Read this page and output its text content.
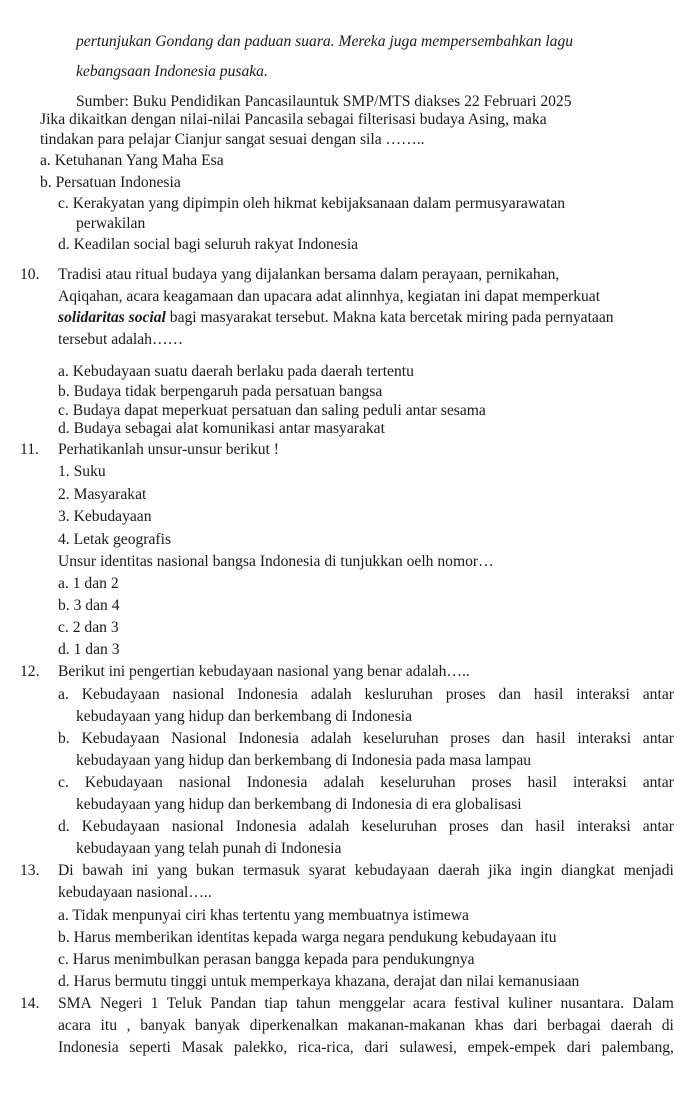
pertunjukan Gondang dan paduan suara. Mereka juga mempersembahkan lagu
kebangsaan Indonesia pusaka.
Sumber: Buku Pendidikan Pancasilauntuk SMP/MTS diakses 22 Februari 2025
Jika dikaitkan dengan nilai-nilai Pancasila sebagai filterisasi budaya Asing, maka
tindakan para pelajar Cianjur sangat sesuai dengan sila ……..
a. Ketuhanan Yang Maha Esa
b. Persatuan Indonesia
c. Kerakyatan yang dipimpin oleh hikmat kebijaksanaan dalam permusyarawatan
perwakilan
d. Keadilan social bagi seluruh rakyat Indonesia
10. Tradisi atau ritual budaya yang dijalankan bersama dalam perayaan, pernikahan,
Aqiqahan, acara keagamaan dan upacara adat alinnhya, kegiatan ini dapat memperkuat
solidaritas social bagi masyarakat tersebut. Makna kata bercetak miring pada pernyataan
tersebut adalah……
a. Kebudayaan suatu daerah berlaku pada daerah tertentu
b. Budaya tidak berpengaruh pada persatuan bangsa
c. Budaya dapat meperkuat persatuan dan saling peduli antar sesama
d. Budaya sebagai alat komunikasi antar masyarakat
11. Perhatikanlah unsur-unsur berikut !
1. Suku
2. Masyarakat
3. Kebudayaan
4. Letak geografis
Unsur identitas nasional bangsa Indonesia di tunjukkan oelh nomor…
a. 1 dan 2
b. 3 dan 4
c. 2 dan 3
d. 1 dan 3
12. Berikut ini pengertian kebudayaan nasional yang benar adalah…..
a. Kebudayaan nasional Indonesia adalah kesluruhan proses dan hasil interaksi antar
kebudayaan yang hidup dan berkembang di Indonesia
b. Kebudayaan Nasional Indonesia adalah keseluruhan proses dan hasil interaksi antar
kebudayaan yang hidup dan berkembang di Indonesia pada masa lampau
c. Kebudayaan nasional Indonesia adalah keseluruhan proses hasil interaksi antar
kebudayaan yang hidup dan berkembang di Indonesia di era globalisasi
d. Kebudayaan nasional Indonesia adalah keseluruhan proses dan hasil interaksi antar
kebudayaan yang telah punah di Indonesia
13. Di bawah ini yang bukan termasuk syarat kebudayaan daerah jika ingin diangkat menjadi
kebudayaan nasional…..
a. Tidak menpunyai ciri khas tertentu yang membuatnya istimewa
b. Harus memberikan identitas kepada warga negara pendukung kebudayaan itu
c. Harus menimbulkan perasan bangga kepada para pendukungnya
d. Harus bermutu tinggi untuk memperkaya khazana, derajat dan nilai kemanusiaan
14. SMA Negeri 1 Teluk Pandan tiap tahun menggelar acara festival kuliner nusantara. Dalam
acara itu , banyak banyak diperkenalkan makanan-makanan khas dari berbagai daerah di
Indonesia seperti Masak palekko, rica-rica, dari sulawesi, empek-empek dari palembang,
